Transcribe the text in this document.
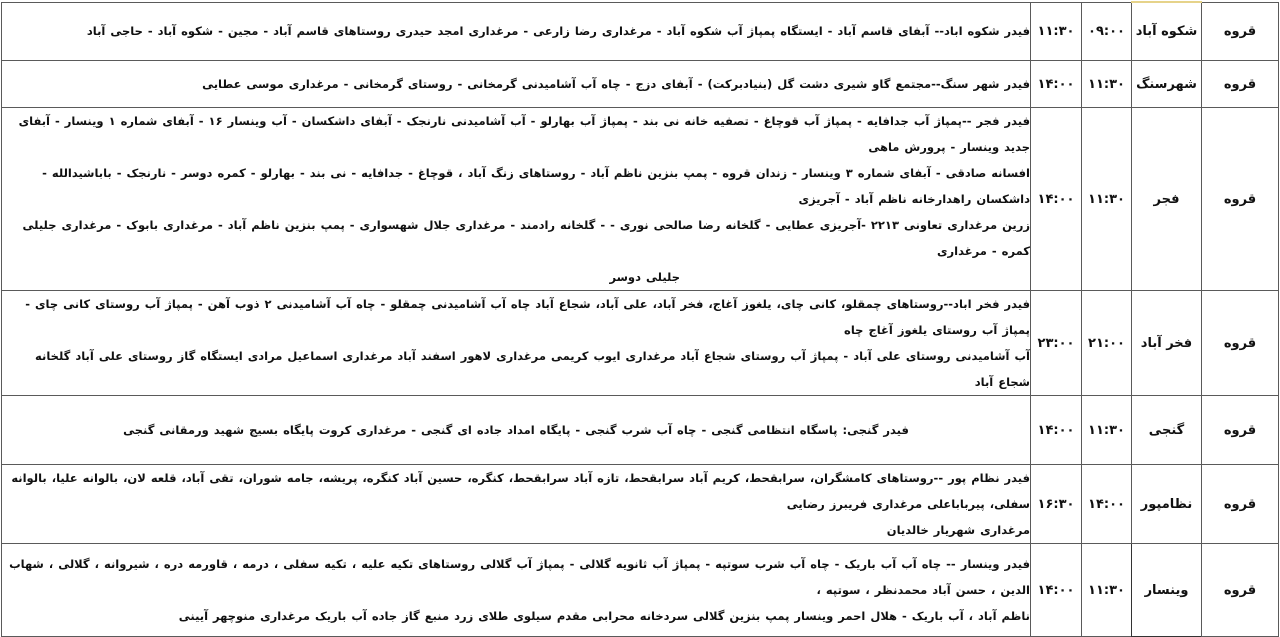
قروه	شکوه آباد	۰۹:۰۰	۱۱:۳۰	فیدر شکوه اباد-- آبفای قاسم آباد - ایستگاه پمپاژ آب شکوه آباد - مرغداری رضا زارعی - مرغداری امجد حیدری روستاهای قاسم آباد - مجین - شکوه آباد - حاجی آباد

قروه	شهرسنگ	۱۱:۳۰	۱۴:۰۰	فیدر شهر سنگ--مجتمع گاو شیری دشت گل (بنیادبرکت) - آبفای دزج - چاه آب آشامیدنی گرمخانی - روستای گرمخانی - مرغداری موسی عطایی

قروه	فجر	۱۱:۳۰	۱۴:۰۰	فیدر فجر --پمپاژ آب جدافایه - پمپاژ آب قوچاغ - تصفیه خانه نی بند - پمپاژ آب بهارلو - آب آشامیدنی نارنجک - آبفای داشکسان - آب وینسار ۱۶ - آبفای شماره ۱ وینسار - آبفای جدید وینسار - پرورش ماهی
افسانه صادقی - آبفای شماره ۳ وینسار - زندان قروه - پمپ بنزین ناظم آباد - روستاهای زنگ آباد ، قوچاغ - جدافایه - نی بند - بهارلو - کمره دوسر - نارنجک - باباشیدالله - داشکسان راهدارخانه ناظم آباد - آجریزی
زرین مرغداری تعاونی ۲۲۱۳ -آجریزی عطایی - گلخانه رضا صالحی نوری - - گلخانه رادمند - مرغداری جلال شهسواری - پمپ بنزین ناظم آباد - مرغداری بابوک - مرغداری جلیلی کمره - مرغداری
جلیلی دوسر

قروه	فخر آباد	۲۱:۰۰	۲۳:۰۰	فیدر فخر اباد--روستاهای چمقلو، کانی چای، یلغوز آغاج، فخر آباد، علی آباد، شجاع آباد چاه آب آشامیدنی چمقلو - چاه آب آشامیدنی ۲ ذوب آهن - پمپاژ آب روستای کانی چای - پمپاژ آب روستای یلغوز آغاج چاه
آب آشامیدنی روستای علی آباد - پمپاژ آب روستای شجاع آباد مرغداری ایوب کریمی مرغداری لاهور اسفند آباد مرغداری اسماعیل مرادی ایستگاه گاز روستای علی آباد گلخانه شجاع آباد

قروه	گنجی	۱۱:۳۰	۱۴:۰۰	فیدر گنجی: پاسگاه انتظامی گنجی - چاه آب شرب گنجی - پایگاه امداد جاده ای گنجی - مرغداری کروت پایگاه بسیج شهید ورمقانی گنجی

قروه	نظامپور	۱۴:۰۰	۱۶:۳۰	فیدر نظام پور --روستاهای کامشگران، سرابقحط، کریم آباد سرابقحط، تازه آباد سرابقحط، کنگره، حسین آباد کنگره، پریشه، جامه شوران، تقی آباد، قلعه لان، بالوانه علیا، بالوانه سفلی، پیرباباعلی مرغداری فریبرز رضایی
مرغداری شهریار خالدیان

قروه	وینسار	۱۱:۳۰	۱۴:۰۰	فیدر وینسار -- چاه آب آب باریک - چاه آب شرب سوتپه - پمپاژ آب ثانویه گلالی - پمپاژ آب گلالی روستاهای تکیه علیه ، تکیه سفلی ، درمه ، قاورمه دره ، شیروانه ، گلالی ، شهاب الدین ، حسن آباد محمدنظر ، سوتپه ،
ناظم آباد ، آب باریک - هلال احمر وینسار پمپ بنزین گلالی سردخانه محرابی مقدم سیلوی طلای زرد منبع گاز جاده آب باریک مرغداری منوچهر آیینی
